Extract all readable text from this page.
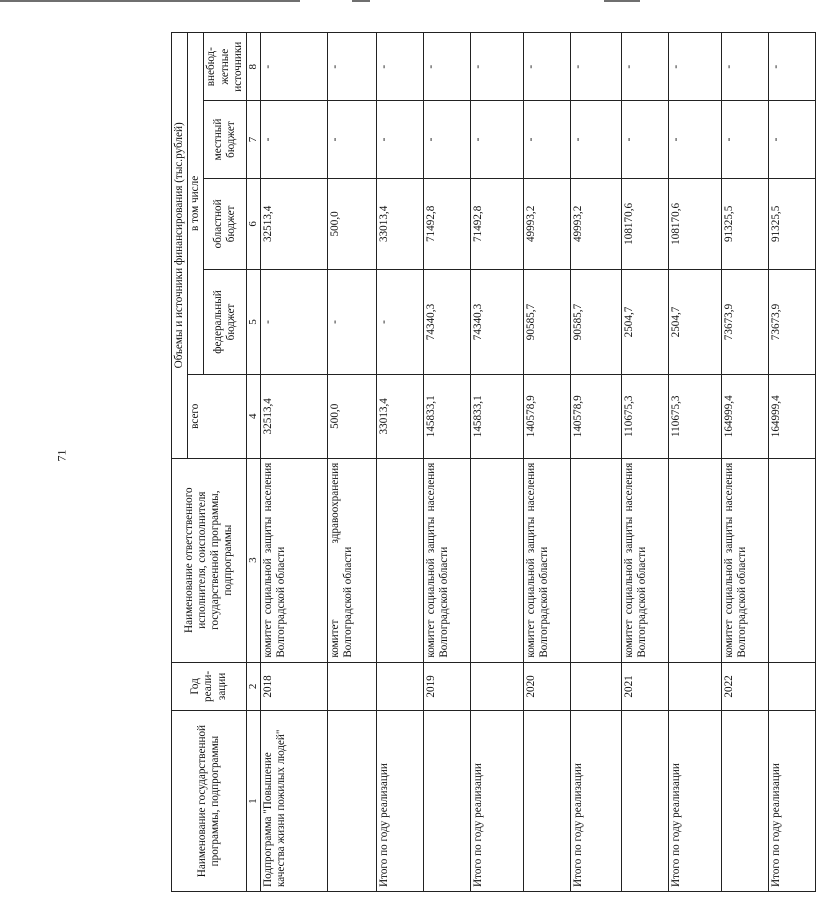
71
Наименование государственной программы, подпрограммы	Год реали-зации	Наименование ответственного исполнителя, соисполнителя государственной программы, подпрограммы	Объемы и источники финансирования (тыс.рублей)				
			всего	в том числе			
				федеральный бюджет	областной бюджет	местный бюджет	внебюд-жетные источники
1	2	3	4	5	6	7	8
Подпрограмма "Повышение качества жизни пожилых людей"	2018	комитет социальной защиты населения Волгоградской области	32513,4	-	32513,4	-	-
		комитет здравоохранения Волгоградской области	500,0	-	500,0	-	-
Итого по году реализации			33013,4	-	33013,4	-	-
	2019	комитет социальной защиты населения Волгоградской области	145833,1	74340,3	71492,8	-	-
Итого по году реализации			145833,1	74340,3	71492,8	-	-
	2020	комитет социальной защиты населения Волгоградской области	140578,9	90585,7	49993,2	-	-
Итого по году реализации			140578,9	90585,7	49993,2	-	-
	2021	комитет социальной защиты населения Волгоградской области	110675,3	2504,7	108170,6	-	-
Итого по году реализации			110675,3	2504,7	108170,6	-	-
	2022	комитет социальной защиты населения Волгоградской области	164999,4	73673,9	91325,5	-	-
Итого по году реализации			164999,4	73673,9	91325,5	-	-
